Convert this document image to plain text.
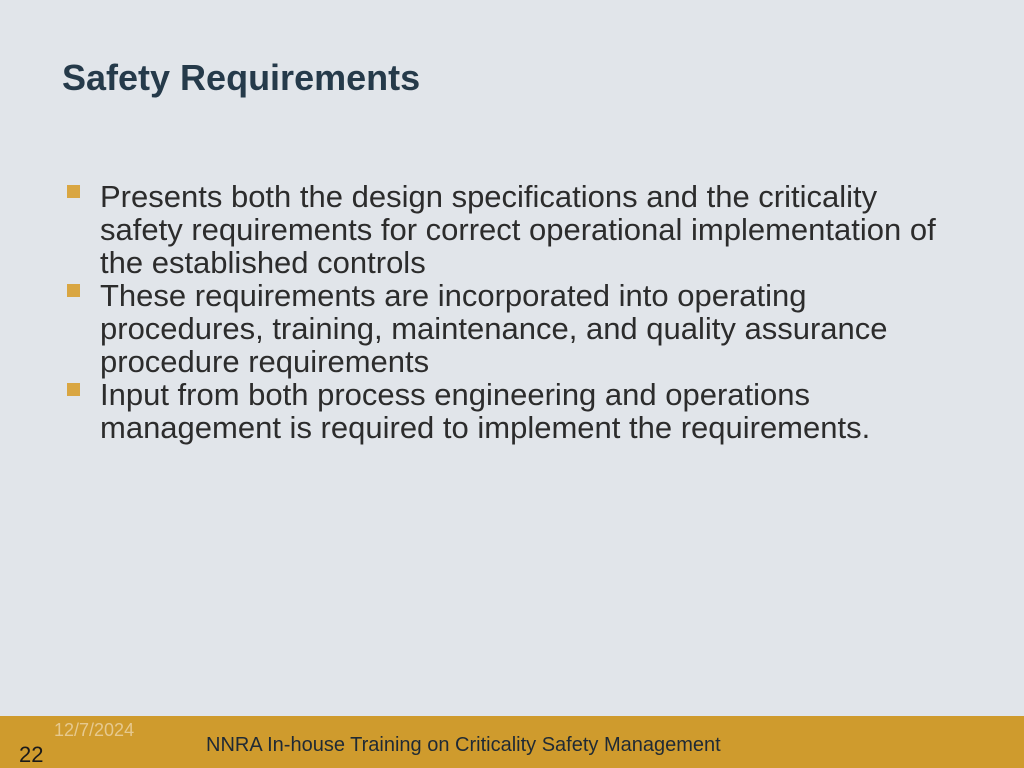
Safety Requirements
Presents both the design specifications and the criticality safety requirements for correct operational implementation of the established controls
These requirements are incorporated into operating procedures, training, maintenance, and quality assurance procedure requirements
Input from both process engineering and operations management is required to implement the requirements.
12/7/2024
22	NNRA In-house Training on Criticality Safety Management
